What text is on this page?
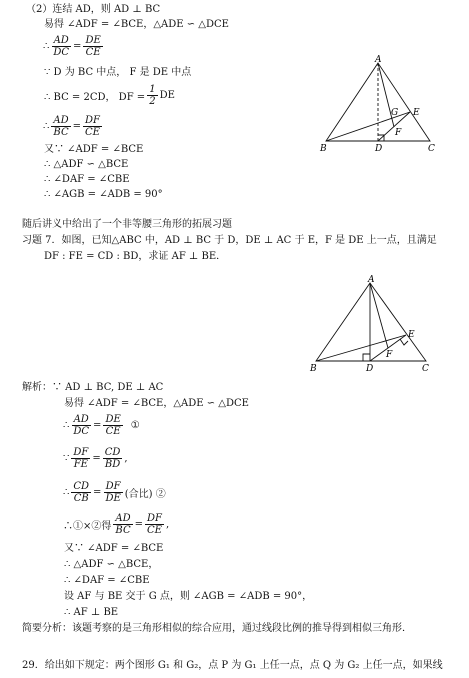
（2）连结 AD，则 AD ⊥ BC
易得 ∠ADF = ∠BCE，△ADE ∽ △DCE
∴ $\frac{AD}{DC} = \frac{DE}{CE}$
∵ D 为 BC 中点， F 是 DE 中点
∴ BC = 2CD， DF = $\frac{1}{2}$ DE
∴ $\frac{AD}{BC} = \frac{DF}{CE}$
又∵ ∠ADF = ∠BCE
∴ △ADF ∽ △BCE
∴ ∠DAF = ∠CBE
∴ ∠AGB = ∠ADB = 90°
A
B	C
D
E
F
G
随后讲义中给出了一个非等腰三角形的拓展习题
习题 7．如图，已知△ABC 中，AD ⊥ BC 于 D，DE ⊥ AC 于 E，F 是 DE 上一点，且满足
DF : FE = CD : BD，求证 AF ⊥ BE．
A
B	C
D
E
F
解析：∵ AD ⊥ BC, DE ⊥ AC
易得 ∠ADF = ∠BCE，△ADE ∽ △DCE
∴ $\frac{AD}{DC} = \frac{DE}{CE}$ ①
∵ $\frac{DF}{FE} = \frac{CD}{BD}$ ,
∴ $\frac{CD}{CB} = \frac{DF}{DE}$ (合比) ②
∴①×②得 $\frac{AD}{BC} = \frac{DF}{CE}$ ,
又∵ ∠ADF = ∠BCE
∴ △ADF ∽ △BCE，
∴ ∠DAF = ∠CBE
设 AF 与 BE 交于 G 点，则 ∠AGB = ∠ADB = 90°，
∴ AF ⊥ BE
简要分析：该题考察的是三角形相似的综合应用，通过线段比例的推导得到相似三角形．
29．给出如下规定：两个图形 G₁ 和 G₂，点 P 为 G₁ 上任一点，点 Q 为 G₂ 上任一点，如果线
